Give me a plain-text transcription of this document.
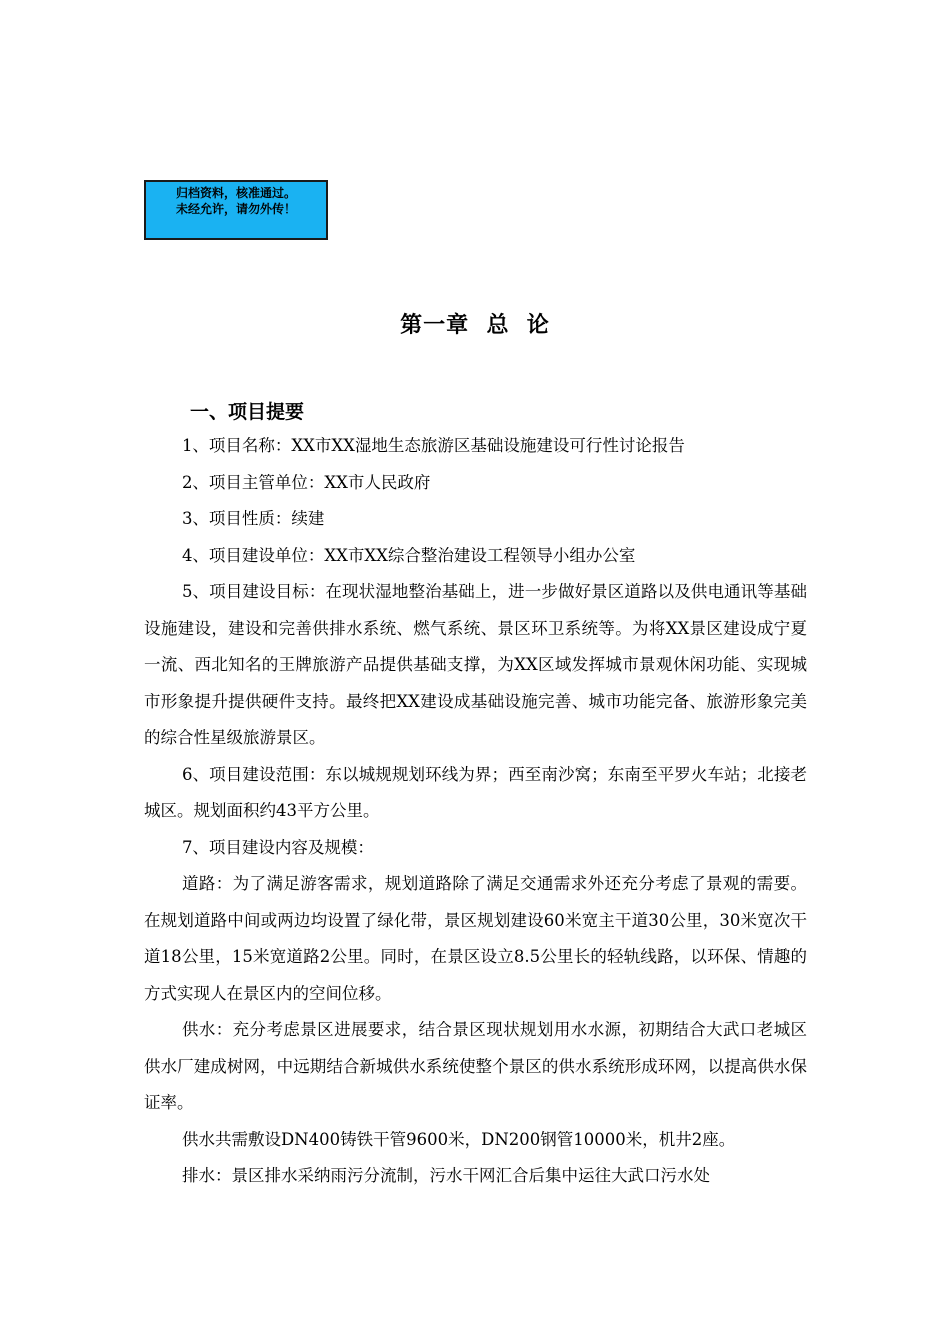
归档资料，核准通过。
未经允许，请勿外传！
第一章  总  论
一、项目提要

1、项目名称：XX市XX湿地生态旅游区基础设施建设可行性讨论报告

2、项目主管单位：XX市人民政府

3、项目性质：续建

4、项目建设单位：XX市XX综合整治建设工程领导小组办公室

5、项目建设目标：在现状湿地整治基础上，进一步做好景区道路以及供电通讯等基础设施建设，建设和完善供排水系统、燃气系统、景区环卫系统等。为将XX景区建设成宁夏一流、西北知名的王牌旅游产品提供基础支撑，为XX区域发挥城市景观休闲功能、实现城市形象提升提供硬件支持。最终把XX建设成基础设施完善、城市功能完备、旅游形象完美的综合性星级旅游景区。

6、项目建设范围：东以城规规划环线为界；西至南沙窝；东南至平罗火车站；北接老城区。规划面积约43平方公里。

7、项目建设内容及规模：

道路：为了满足游客需求，规划道路除了满足交通需求外还充分考虑了景观的需要。在规划道路中间或两边均设置了绿化带，景区规划建设60米宽主干道30公里，30米宽次干道18公里，15米宽道路2公里。同时，在景区设立8.5公里长的轻轨线路，以环保、情趣的方式实现人在景区内的空间位移。

供水：充分考虑景区进展要求，结合景区现状规划用水水源，初期结合大武口老城区供水厂建成树网，中远期结合新城供水系统使整个景区的供水系统形成环网，以提高供水保证率。

供水共需敷设DN400铸铁干管9600米，DN200钢管10000米，机井2座。

排水：景区排水采纳雨污分流制，污水干网汇合后集中运往大武口污水处
